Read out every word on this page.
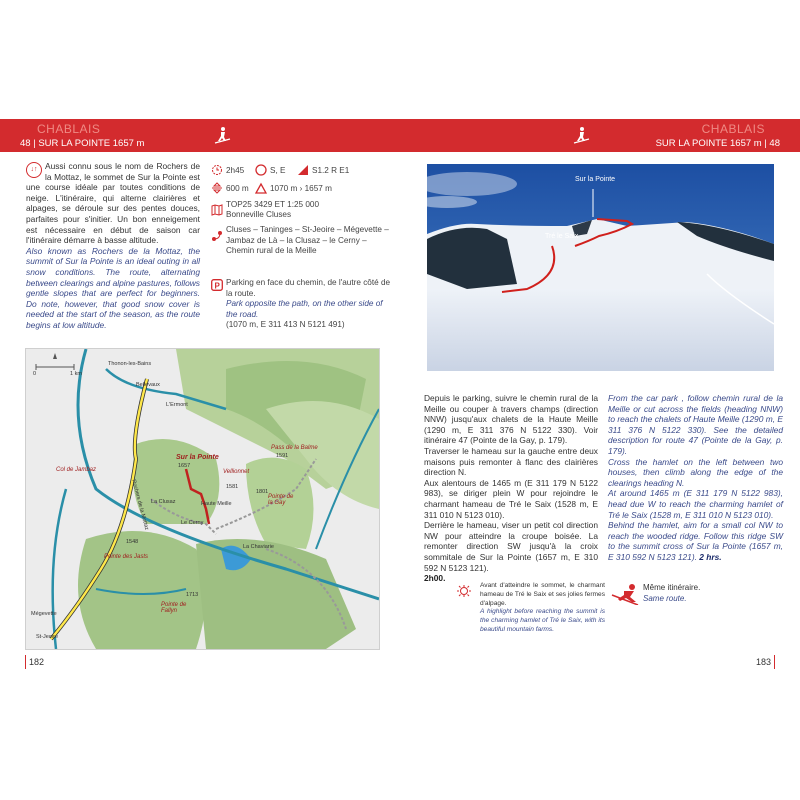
CHABLAIS
48 | SUR LA POINTE 1657 m
CHABLAIS
SUR LA POINTE 1657 m | 48
↓↑ Aussi connu sous le nom de Rochers de la Mottaz, le sommet de Sur la Pointe est une course idéale par toutes conditions de neige. L'itinéraire, qui alterne clairières et alpages, se déroule sur des pentes douces, parfaites pour s'initier. Un bon enneigement est nécessaire en début de saison car l'itinéraire démarre à basse altitude.
Also known as Rochers de la Mottaz, the summit of Sur la Pointe is an ideal outing in all snow conditions. The route, alternating between clearings and alpine pastures, follows gentle slopes that are perfect for beginners. Do note, however, that good snow cover is needed at the start of the season, as the route begins at low altitude.
2h45	S, E	S1.2 R E1
600 m	1070 m › 1657 m
TOP25 3429 ET 1:25 000
Bonneville Cluses
Cluses – Taninges – St-Jeoire – Mégevette – Jambaz de Là – la Clusaz – le Cerny – Chemin rural de la Meille
P Parking en face du chemin, de l'autre côté de la route.
Park opposite the path, on the other side of the road.
(1070 m, E 311 413 N 5121 491)
0	1 km
Thonon-les-Bains
Bellevaux
L'Ermont
Col de Jambaz
Sur la Pointe
1657
Rochers de la Mottaz La Clusaz	Haute Meille
Vellionnet
1581
1801
Pointe de la Gay
Pass de la Balme
1591
Le Cerny
La Chaviarie
1548
Pointe des Jasts
1713
Pointe de Fallyn
Mégevette
St-Jeoire
Sur la Pointe
Tré le Saix
Depuis le parking, suivre le chemin rural de la Meille ou couper à travers champs (direction NNW) jusqu'aux chalets de la Haute Meille (1290 m, E 311 376 N 5122 330). Voir itinéraire 47 (Pointe de la Gay, p. 179).
Traverser le hameau sur la gauche entre deux maisons puis remonter à flanc des clairières direction N.
Aux alentours de 1465 m (E 311 179 N 5122 983), se diriger plein W pour rejoindre le charmant hameau de Tré le Saix (1528 m, E 311 010 N 5123 010).
Derrière le hameau, viser un petit col direction NW pour atteindre la croupe boisée. La remonter direction SW jusqu'à la croix sommitale de Sur la Pointe (1657 m, E 310 592 N 5123 121).
2h00.
From the car park , follow chemin rural de la Meille or cut across the fields (heading NNW) to reach the chalets of Haute Meille (1290 m, E 311 376 N 5122 330). See the detailed description for route 47 (Pointe de la Gay, p. 179).
Cross the hamlet on the left between two houses, then climb along the edge of the clearings heading N.
At around 1465 m (E 311 179 N 5122 983), head due W to reach the charming hamlet of Tré le Saix (1528 m, E 311 010 N 5123 010).
Behind the hamlet, aim for a small col NW to reach the wooded ridge. Follow this ridge SW to the summit cross of Sur la Pointe (1657 m, E 310 592 N 5123 121). 2 hrs.
Avant d'atteindre le sommet, le charmant hameau de Tré le Saix et ses jolies fermes d'alpage.
A highlight before reaching the summit is the charming hamlet of Tré le Saix, with its beautiful mountain farms.
Même itinéraire.
Same route.
182	183
